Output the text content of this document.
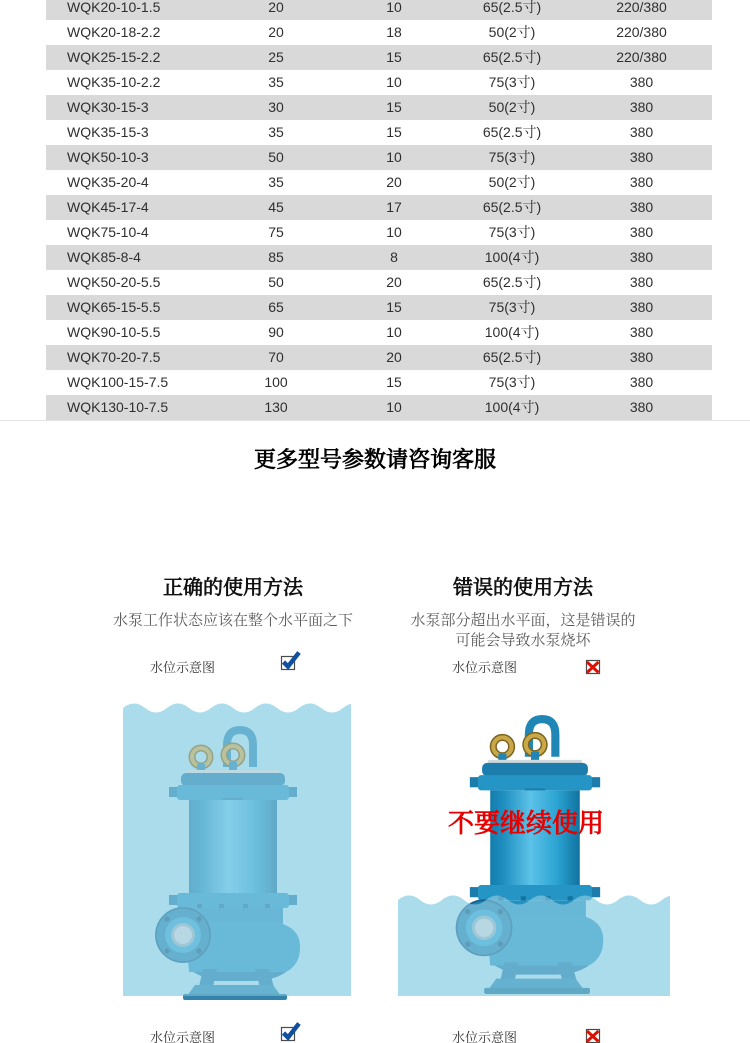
WQK20-10-1.5	20	10	65(2.5寸)	220/380
WQK20-18-2.2	20	18	50(2寸)	220/380
WQK25-15-2.2	25	15	65(2.5寸)	220/380
WQK35-10-2.2	35	10	75(3寸)	380
WQK30-15-3	30	15	50(2寸)	380
WQK35-15-3	35	15	65(2.5寸)	380
WQK50-10-3	50	10	75(3寸)	380
WQK35-20-4	35	20	50(2寸)	380
WQK45-17-4	45	17	65(2.5寸)	380
WQK75-10-4	75	10	75(3寸)	380
WQK85-8-4	85	8	100(4寸)	380
WQK50-20-5.5	50	20	65(2.5寸)	380
WQK65-15-5.5	65	15	75(3寸)	380
WQK90-10-5.5	90	10	100(4寸)	380
WQK70-20-7.5	70	20	65(2.5寸)	380
WQK100-15-7.5	100	15	75(3寸)	380
WQK130-10-7.5	130	10	100(4寸)	380
更多型号参数请咨询客服
正确的使用方法
水泵工作状态应该在整个水平面之下
错误的使用方法
水泵部分超出水平面，这是错误的
可能会导致水泵烧坏
水位示意图	水位示意图
不要继续使用
水位示意图	水位示意图
